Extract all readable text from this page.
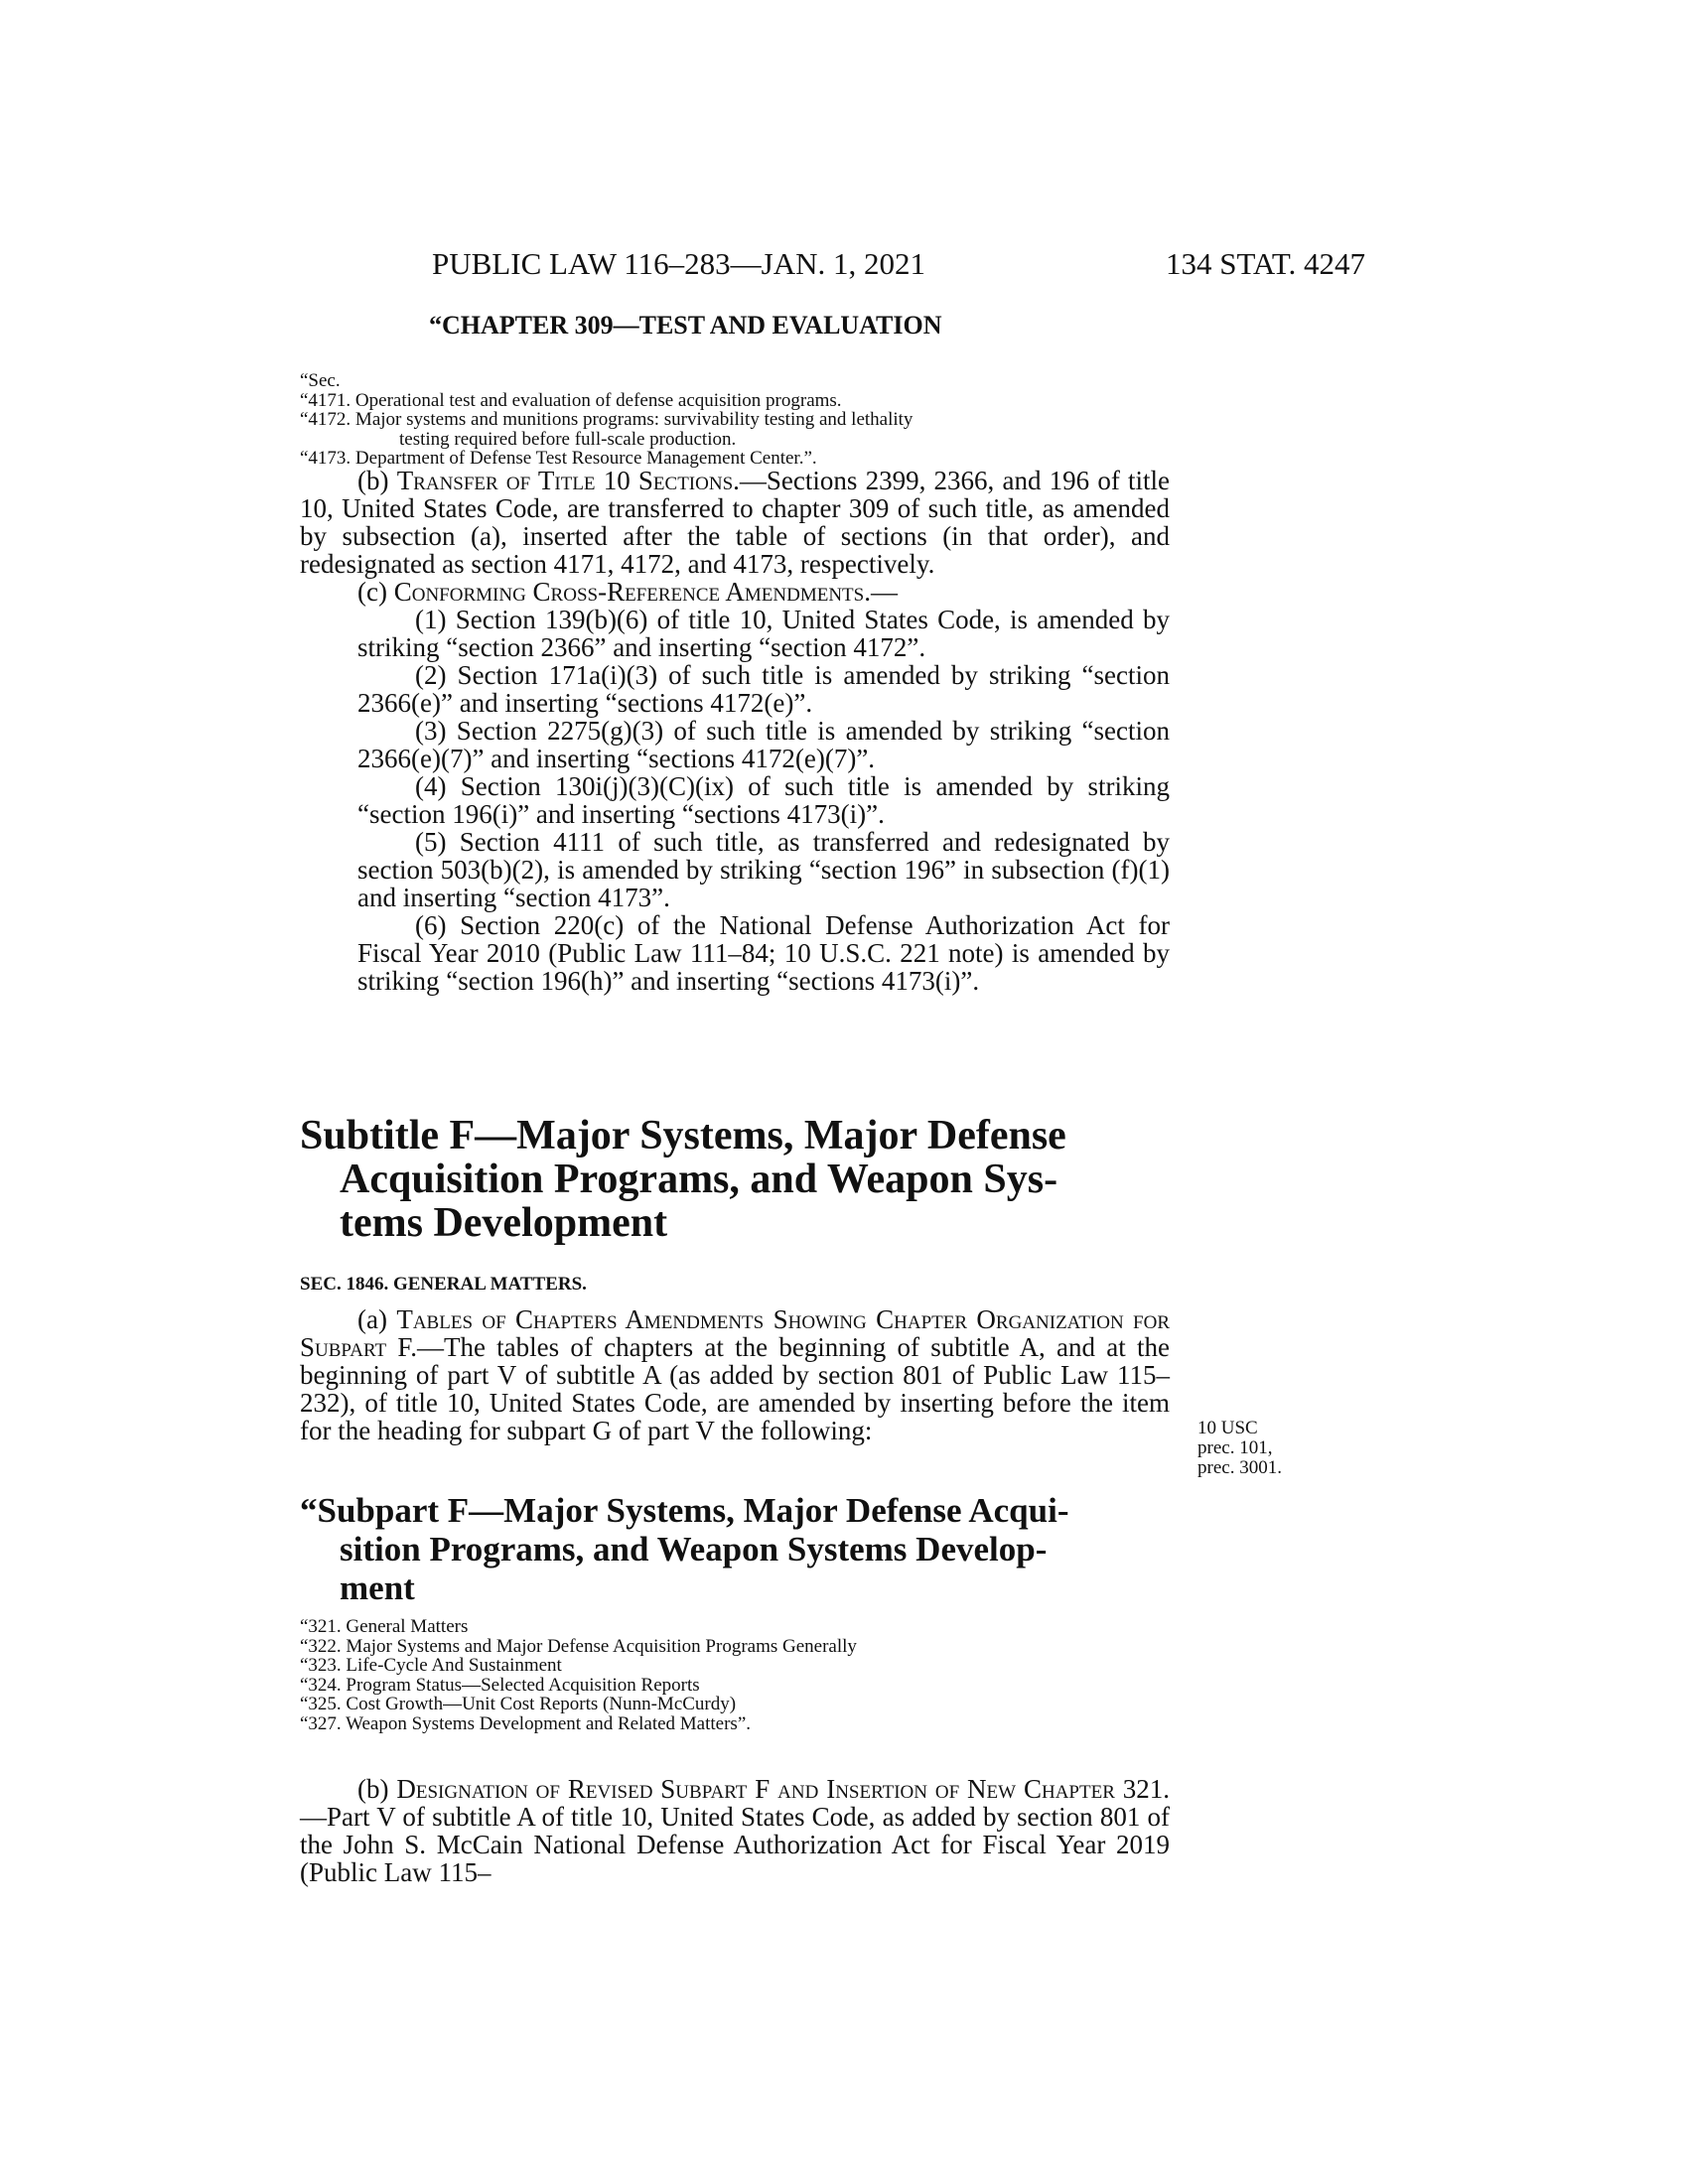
PUBLIC LAW 116–283—JAN. 1, 2021	134 STAT. 4247
“CHAPTER 309—TEST AND EVALUATION
“Sec.
“4171. Operational test and evaluation of defense acquisition programs.
“4172. Major systems and munitions programs: survivability testing and lethality
testing required before full-scale production.
“4173. Department of Defense Test Resource Management Center.”.

(b) Transfer of Title 10 Sections.—Sections 2399, 2366, and 196 of title 10, United States Code, are transferred to chapter 309 of such title, as amended by subsection (a), inserted after the table of sections (in that order), and redesignated as section 4171, 4172, and 4173, respectively.

(c) Conforming Cross-Reference Amendments.—

(1) Section 139(b)(6) of title 10, United States Code, is amended by striking “section 2366” and inserting “section 4172”.

(2) Section 171a(i)(3) of such title is amended by striking “section 2366(e)” and inserting “sections 4172(e)”.

(3) Section 2275(g)(3) of such title is amended by striking “section 2366(e)(7)” and inserting “sections 4172(e)(7)”.

(4) Section 130i(j)(3)(C)(ix) of such title is amended by striking “section 196(i)” and inserting “sections 4173(i)”.

(5) Section 4111 of such title, as transferred and redesignated by section 503(b)(2), is amended by striking “section 196” in subsection (f)(1) and inserting “section 4173”.

(6) Section 220(c) of the National Defense Authorization Act for Fiscal Year 2010 (Public Law 111–84; 10 U.S.C. 221 note) is amended by striking “section 196(h)” and inserting “sections 4173(i)”.

Subtitle F—Major Systems, Major Defense
Acquisition Programs, and Weapon Sys-
tems Development
SEC. 1846. GENERAL MATTERS.

(a) Tables of Chapters Amendments Showing Chapter Organization for Subpart F.—The tables of chapters at the beginning of subtitle A, and at the beginning of part V of subtitle A (as added by section 801 of Public Law 115–232), of title 10, United States Code, are amended by inserting before the item for the heading for subpart G of part V the following:	10 USC
prec. 101,
prec. 3001.
“Subpart F—Major Systems, Major Defense Acqui-
sition Programs, and Weapon Systems Develop-
ment
“321. General Matters
“322. Major Systems and Major Defense Acquisition Programs Generally
“323. Life-Cycle And Sustainment
“324. Program Status—Selected Acquisition Reports
“325. Cost Growth—Unit Cost Reports (Nunn-McCurdy)
“327. Weapon Systems Development and Related Matters”.

(b) Designation of Revised Subpart F and Insertion of New Chapter 321.—Part V of subtitle A of title 10, United States Code, as added by section 801 of the John S. McCain National Defense Authorization Act for Fiscal Year 2019 (Public Law 115–
